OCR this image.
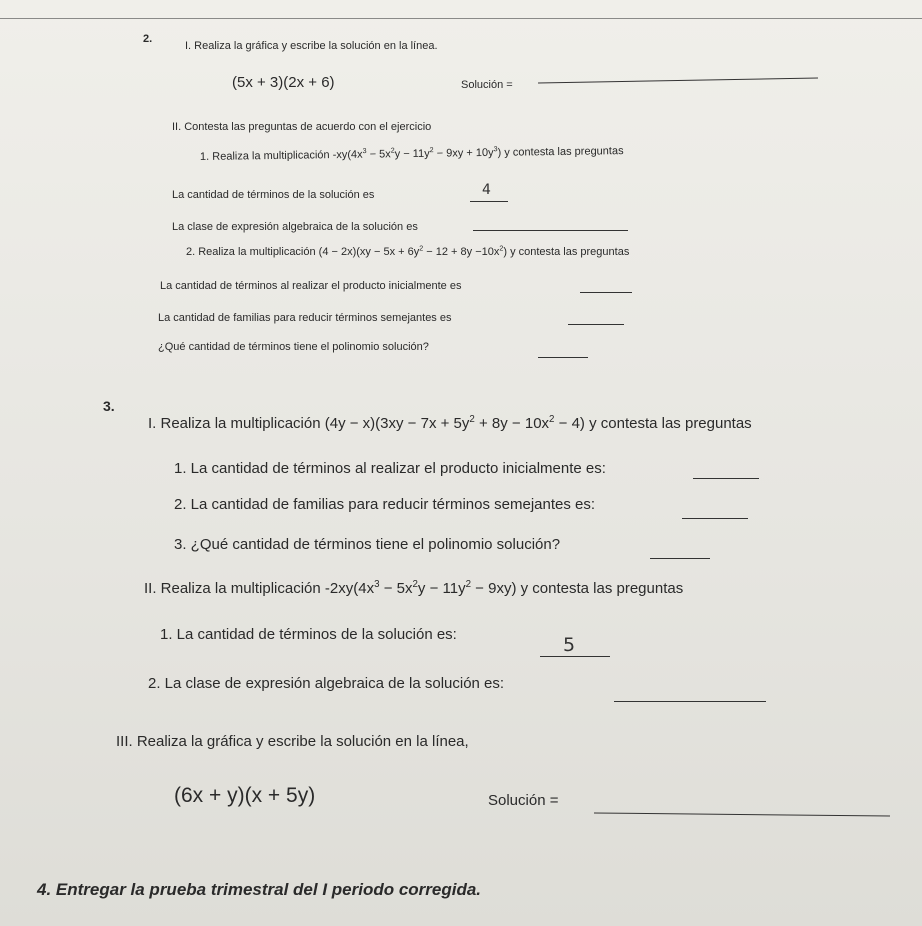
2.
I. Realiza la gráfica y escribe la solución en la línea.
(5x + 3)(2x + 6)	Solución =
II. Contesta las preguntas de acuerdo con el ejercicio
1. Realiza la multiplicación $-xy(4x^3 - 5x^2y - 11y^2 - 9xy + 10y^3)$ y contesta las preguntas
La cantidad de términos de la solución es	4
La clase de expresión algebraica de la solución es
2. Realiza la multiplicación $(4 - 2x)(xy - 5x + 6y^2 - 12 + 8y -10x^2)$ y contesta las preguntas
La cantidad de términos al realizar el producto inicialmente es
La cantidad de familias para reducir términos semejantes es
¿Qué cantidad de términos tiene el polinomio solución?
3.
I. Realiza la multiplicación $(4y - x)(3xy - 7x + 5y^2 + 8y - 10x^2 - 4)$ y contesta las preguntas
1. La cantidad de términos al realizar el producto inicialmente es:
2. La cantidad de familias para reducir términos semejantes es:
3. ¿Qué cantidad de términos tiene el polinomio solución?
II. Realiza la multiplicación $-2xy(4x^3 - 5x^2y - 11y^2 - 9xy)$ y contesta las preguntas
1. La cantidad de términos de la solución es:	5
2. La clase de expresión algebraica de la solución es:
III. Realiza la gráfica y escribe la solución en la línea,
(6x + y)(x + 5y)	Solución =
4. Entregar la prueba trimestral del I periodo corregida.
